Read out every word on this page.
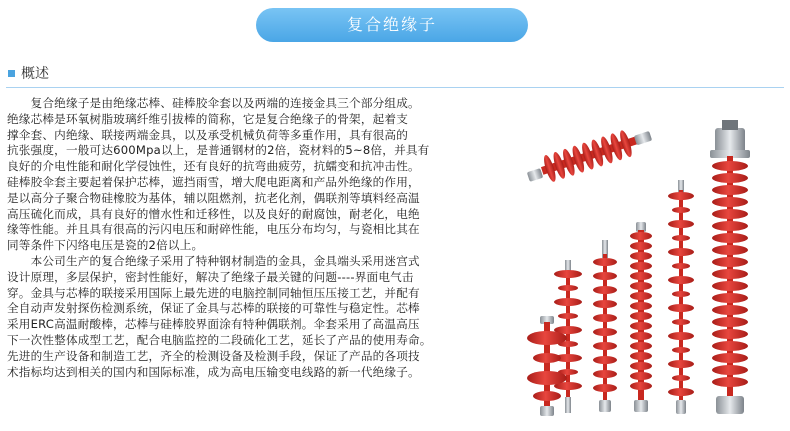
复合绝缘子
概述

　　复合绝缘子是由绝缘芯棒、硅棒胶伞套以及两端的连接金具三个部分组成。

绝缘芯棒是环氧树脂玻璃纤维引拔棒的简称，它是复合绝缘子的骨架，起着支

撑伞套、内绝缘、联接两端金具，以及承受机械负荷等多重作用，具有很高的

抗张强度，一般可达600Mpa以上，是普通钢材的2倍，瓷材料的5~8倍，并具有

良好的介电性能和耐化学侵蚀性，还有良好的抗弯曲疲劳，抗蠕变和抗冲击性。

硅棒胶伞套主要起着保护芯棒，遮挡雨雪，增大爬电距离和产品外绝缘的作用，

是以高分子聚合物硅橡胶为基体，辅以阻燃剂，抗老化剂，偶联剂等填料经高温

高压硫化而成，具有良好的憎水性和迁移性，以及良好的耐腐蚀，耐老化，电绝

缘等性能。并且具有很高的污闪电压和耐碎性能，电压分布均匀，与瓷相比其在

同等条件下闪络电压是瓷的2倍以上。

　　本公司生产的复合绝缘子采用了特种钢材制造的金具，金具端头采用迷宫式

设计原理，多层保护，密封性能好，解决了绝缘子最关键的问题----界面电气击

穿。金具与芯棒的联接采用国际上最先进的电脑控制同轴恒压压接工艺，并配有

全自动声发射探伤检测系统，保证了金具与芯棒的联接的可靠性与稳定性。芯棒

采用ERC高温耐酸棒，芯棒与硅棒胶界面涂有特种偶联剂。伞套采用了高温高压

下一次性整体成型工艺，配合电脑监控的二段硫化工艺，延长了产品的使用寿命。

先进的生产设备和制造工艺，齐全的检测设备及检测手段，保证了产品的各项技

术指标均达到相关的国内和国际标准，成为高电压输变电线路的新一代绝缘子。
